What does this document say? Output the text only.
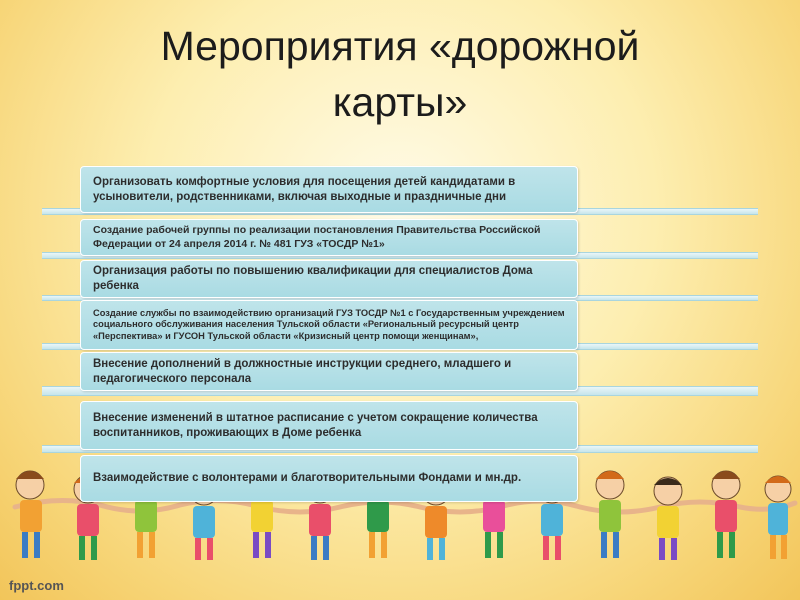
Мероприятия «дорожной
карты»
Организовать комфортные условия для посещения детей кандидатами в усыновители, родственниками, включая выходные и праздничные дни
Создание рабочей группы по реализации постановления Правительства Российской Федерации от 24 апреля 2014 г. № 481 ГУЗ «ТОСДР №1»
Организация работы по повышению квалификации для специалистов Дома ребенка
Создание службы по взаимодействию организаций ГУЗ ТОСДР №1 с Государственным учреждением социального обслуживания населения Тульской области «Региональный ресурсный центр «Перспектива» и ГУСОН Тульской области «Кризисный центр помощи женщинам»,
Внесение дополнений в должностные инструкции среднего, младшего и педагогического персонала
Внесение изменений в штатное расписание с учетом сокращение количества воспитанников, проживающих в Доме ребенка
Взаимодействие с волонтерами и благотворительными Фондами и мн.др.
fppt.com
